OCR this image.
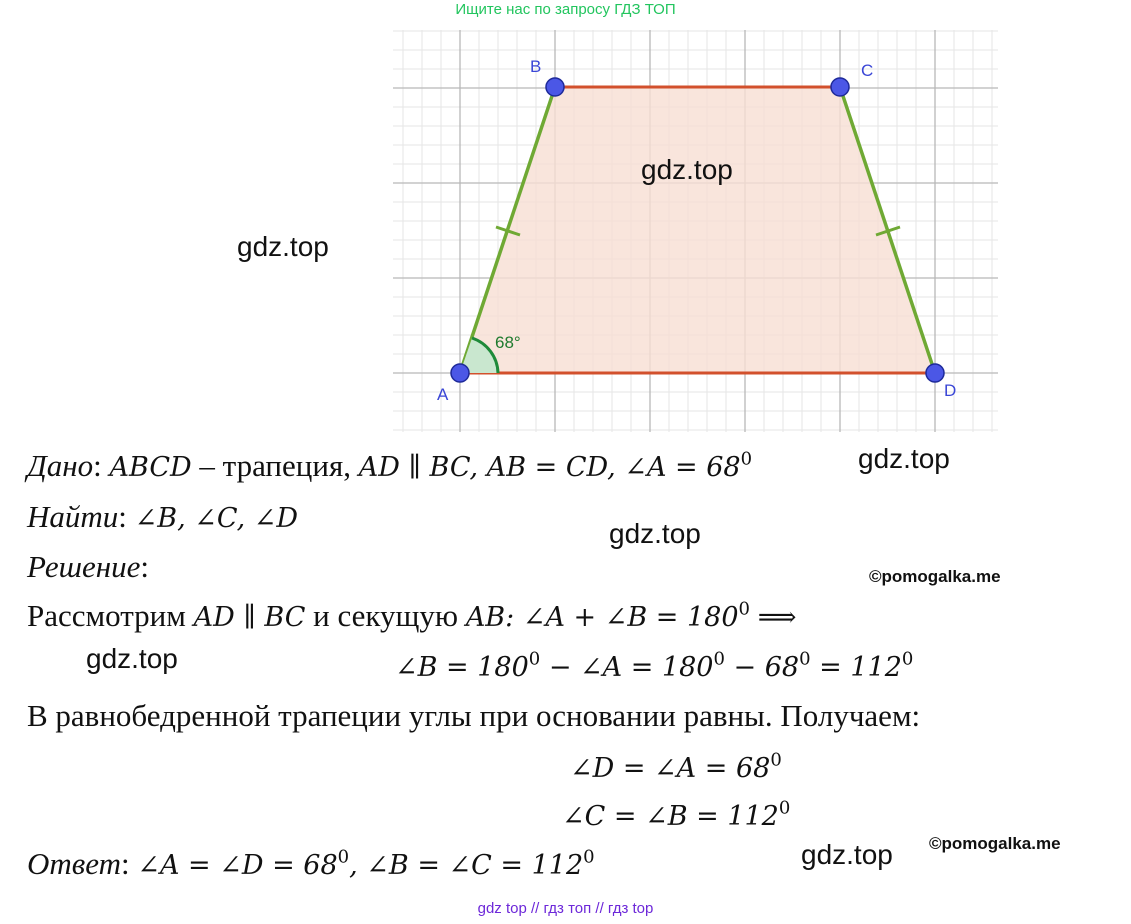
Ищите нас по запросу ГДЗ ТОП
68°
A
B	C
D
gdz.top
gdz.top
gdz.top
gdz.top
gdz.top
gdz.top
©pomogalka.me
©pomogalka.me
Дано: ABCD – трапеция, AD ∥ BC, AB = CD, ∠A = $68^0$
Найти: ∠B, ∠C, ∠D
Решение:
Рассмотрим AD ∥ BC и секущую AB: ∠A + ∠B = $180^0$ ⟹
∠B = $180^0$ − ∠A = $180^0 - 68^0 = 112^0$
В равнобедренной трапеции углы при основании равны. Получаем:
∠D = ∠A = $68^0$
∠C = ∠B = $112^0$
Ответ: ∠A = ∠D = $68^0$, ∠B = ∠C = $112^0$
gdz top // гдз топ // гдз top
